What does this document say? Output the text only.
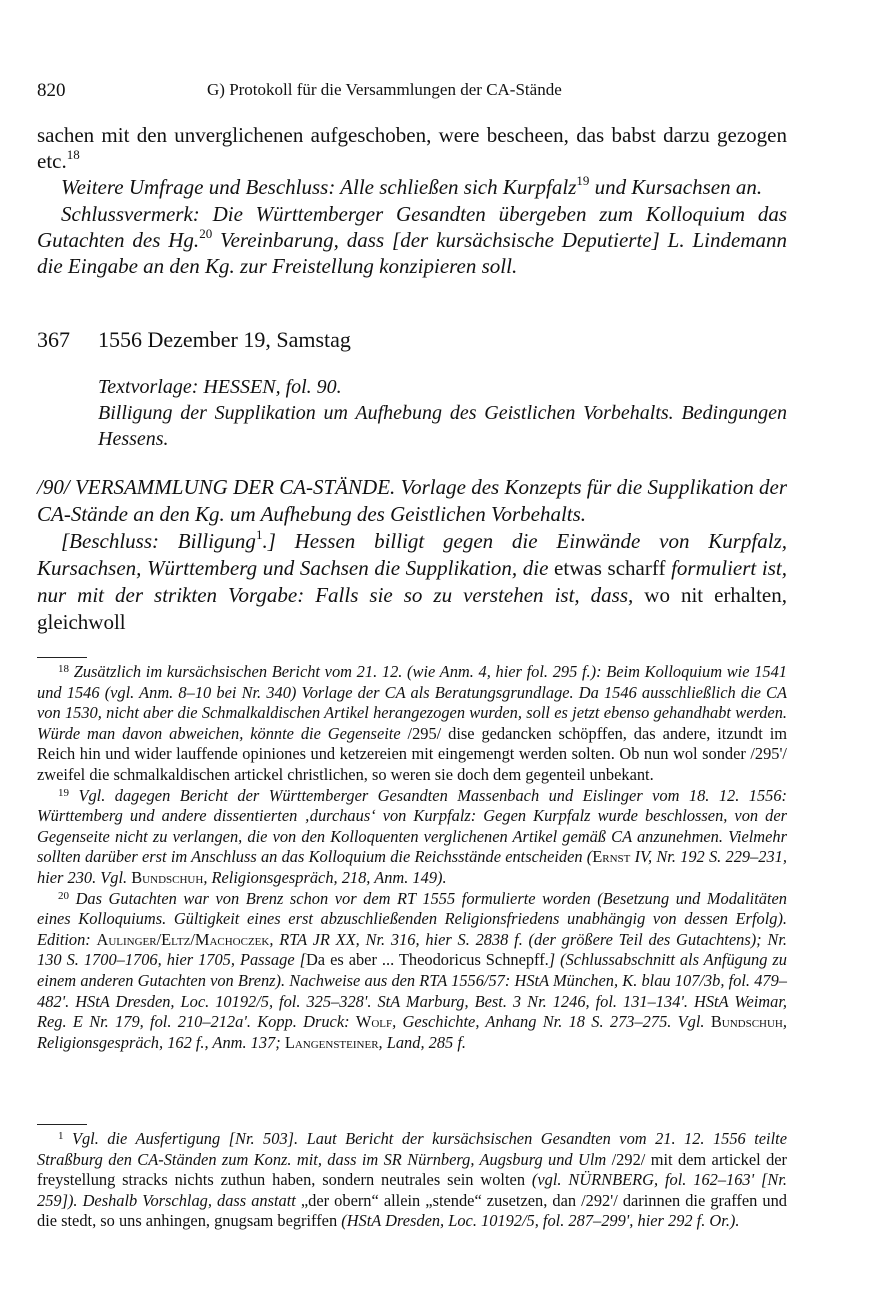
820	G) Protokoll für die Versammlungen der CA-Stände

sachen mit den unverglichenen aufgeschoben, were bescheen, das babst darzu gezogen etc.$^{18}$

Weitere Umfrage und Beschluss: Alle schließen sich Kurpfalz$^{19}$ und Kursachsen an.

Schlussvermerk: Die Württemberger Gesandten übergeben zum Kolloquium das Gutachten des Hg.$^{20}$ Vereinbarung, dass [der kursächsische Deputierte] L. Lindemann die Eingabe an den Kg. zur Freistellung konzipieren soll.

367 1556 Dezember 19, Samstag

Textvorlage: HESSEN, fol. 90.

Billigung der Supplikation um Aufhebung des Geistlichen Vorbehalts. Bedingungen Hessens.

/90/ VERSAMMLUNG DER CA-STÄNDE. Vorlage des Konzepts für die Supplikation der CA-Stände an den Kg. um Aufhebung des Geistlichen Vorbehalts.

[Beschluss: Billigung$^1$.] Hessen billigt gegen die Einwände von Kurpfalz, Kursachsen, Württemberg und Sachsen die Supplikation, die etwas scharff formuliert ist, nur mit der strikten Vorgabe: Falls sie so zu verstehen ist, dass, wo nit erhalten, gleichwoll

$^{18}$ Zusätzlich im kursächsischen Bericht vom 21. 12. (wie Anm. 4, hier fol. 295 f.): Beim Kolloquium wie 1541 und 1546 (vgl. Anm. 8–10 bei Nr. 340) Vorlage der CA als Beratungsgrundlage. Da 1546 ausschließlich die CA von 1530, nicht aber die Schmalkaldischen Artikel herangezogen wurden, soll es jetzt ebenso gehandhabt werden. Würde man davon abweichen, könnte die Gegenseite /295/ dise gedancken schöpffen, das andere, itzundt im Reich hin und wider lauffende opiniones und ketzereien mit eingemengt werden solten. Ob nun wol sonder /295'/ zweifel die schmalkaldischen artickel christlichen, so weren sie doch dem gegenteil unbekant.

$^{19}$ Vgl. dagegen Bericht der Württemberger Gesandten Massenbach und Eislinger vom 18. 12. 1556: Württemberg und andere dissentierten ‚durchaus‘ von Kurpfalz: Gegen Kurpfalz wurde beschlossen, von der Gegenseite nicht zu verlangen, die von den Kolloquenten verglichenen Artikel gemäß CA anzunehmen. Vielmehr sollten darüber erst im Anschluss an das Kolloquium die Reichsstände entscheiden (Ernst IV, Nr. 192 S. 229–231, hier 230. Vgl. Bundschuh, Religionsgespräch, 218, Anm. 149).

$^{20}$ Das Gutachten war von Brenz schon vor dem RT 1555 formulierte worden (Besetzung und Modalitäten eines Kolloquiums. Gültigkeit eines erst abzuschließenden Religionsfriedens unabhängig von dessen Erfolg). Edition: Aulinger/Eltz/Machoczek, RTA JR XX, Nr. 316, hier S. 2838 f. (der größere Teil des Gutachtens); Nr. 130 S. 1700–1706, hier 1705, Passage [Da es aber ... Theodoricus Schnepff.] (Schlussabschnitt als Anfügung zu einem anderen Gutachten von Brenz). Nachweise aus den RTA 1556/57: HStA München, K. blau 107/3b, fol. 479–482'. HStA Dresden, Loc. 10192/5, fol. 325–328'. StA Marburg, Best. 3 Nr. 1246, fol. 131–134'. HStA Weimar, Reg. E Nr. 179, fol. 210–212a'. Kopp. Druck: Wolf, Geschichte, Anhang Nr. 18 S. 273–275. Vgl. Bundschuh, Religionsgespräch, 162 f., Anm. 137; Langensteiner, Land, 285 f.

$^1$ Vgl. die Ausfertigung [Nr. 503]. Laut Bericht der kursächsischen Gesandten vom 21. 12. 1556 teilte Straßburg den CA-Ständen zum Konz. mit, dass im SR Nürnberg, Augsburg und Ulm /292/ mit dem artickel der freystellung stracks nichts zuthun haben, sondern neutrales sein wolten (vgl. NÜRNBERG, fol. 162–163' [Nr. 259]). Deshalb Vorschlag, dass anstatt „der obern“ allein „stende“ zusetzen, dan /292'/ darinnen die graffen und die stedt, so uns anhingen, gnugsam begriffen (HStA Dresden, Loc. 10192/5, fol. 287–299', hier 292 f. Or.).
